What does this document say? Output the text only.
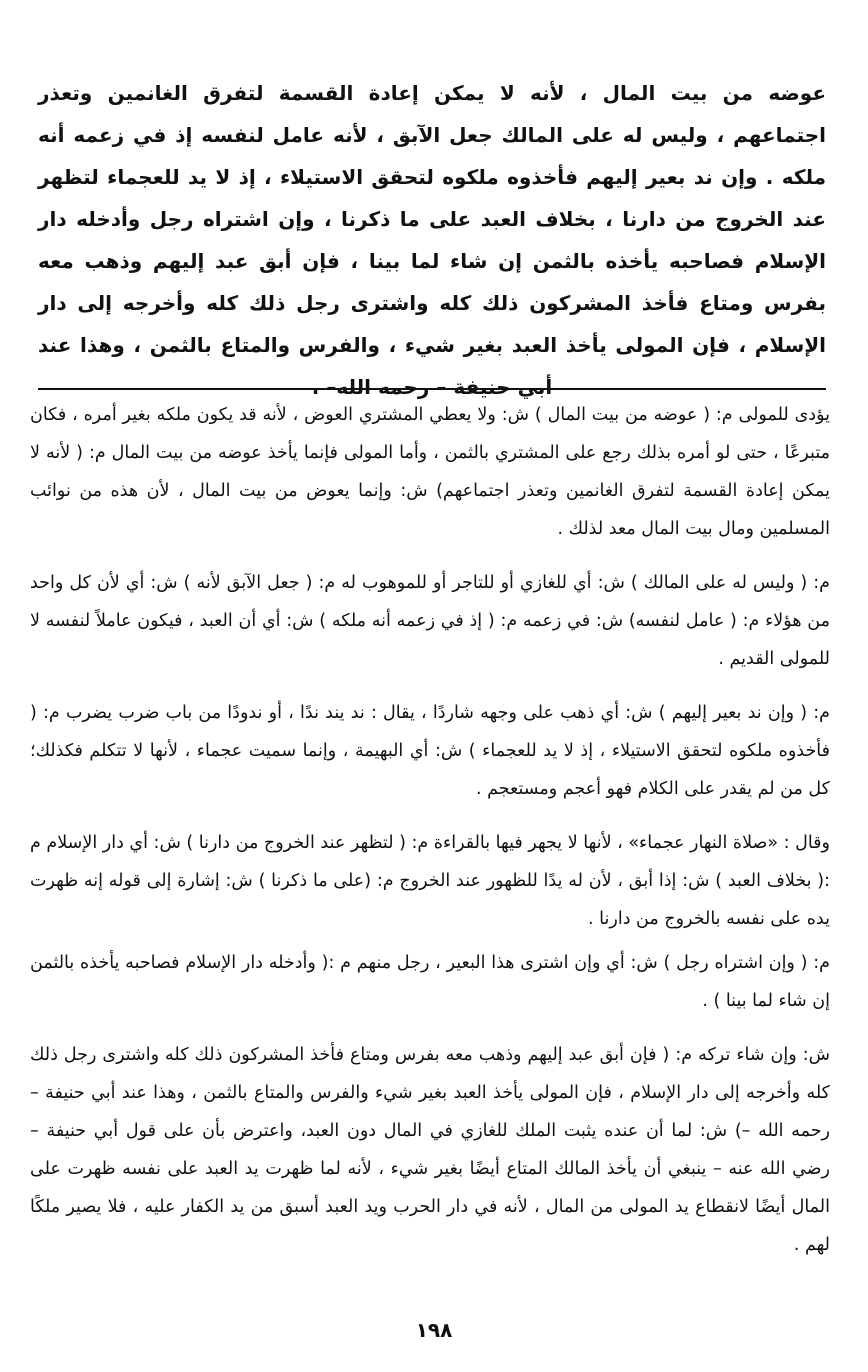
عوضه من بيت المال ، لأنه لا يمكن إعادة القسمة لتفرق الغانمين وتعذر اجتماعهم ، وليس له على المالك جعل الآبق ، لأنه عامل لنفسه إذ في زعمه أنه ملكه . وإن ند بعير إليهم فأخذوه ملكوه لتحقق الاستيلاء ، إذ لا يد للعجماء لتظهر عند الخروج من دارنا ، بخلاف العبد على ما ذكرنا ، وإن اشتراه رجل وأدخله دار الإسلام فصاحبه يأخذه بالثمن إن شاء لما بينا ، فإن أبق عبد إليهم وذهب معه بفرس ومتاع فأخذ المشركون ذلك كله واشترى رجل ذلك كله وأخرجه إلى دار الإسلام ، فإن المولى يأخذ العبد بغير شيء ، والفرس والمتاع بالثمن ، وهذا عند أبي حنيفة – رحمه الله– .

يؤدى للمولى م: ( عوضه من بيت المال ) ش: ولا يعطي المشتري العوض ، لأنه قد يكون ملكه بغير أمره ، فكان متبرعًا ، حتى لو أمره بذلك رجع على المشتري بالثمن ، وأما المولى فإنما يأخذ عوضه من بيت المال م: ( لأنه لا يمكن إعادة القسمة لتفرق الغانمين وتعذر اجتماعهم) ش: وإنما يعوض من بيت المال ، لأن هذه من نوائب المسلمين ومال بيت المال معد لذلك .

م: ( وليس له على المالك ) ش: أي للغازي أو للتاجر أو للموهوب له م: ( جعل الآبق لأنه ) ش: أي لأن كل واحد من هؤلاء م: ( عامل لنفسه) ش: في زعمه م: ( إذ في زعمه أنه ملكه ) ش: أي أن العبد ، فيكون عاملاً لنفسه لا للمولى القديم .

م: ( وإن ند بعير إليهم ) ش: أي ذهب على وجهه شاردًا ، يقال : ند يند ندًا ، أو ندودًا من باب ضرب يضرب م: ( فأخذوه ملكوه لتحقق الاستيلاء ، إذ لا يد للعجماء ) ش: أي البهيمة ، وإنما سميت عجماء ، لأنها لا تتكلم فكذلك؛ كل من لم يقدر على الكلام فهو أعجم ومستعجم .

وقال : «صلاة النهار عجماء» ، لأنها لا يجهر فيها بالقراءة م: ( لتظهر عند الخروج من دارنا ) ش: أي دار الإسلام م :( بخلاف العبد ) ش: إذا أبق ، لأن له يدًا للظهور عند الخروج م: (على ما ذكرنا ) ش: إشارة إلى قوله إنه ظهرت يده على نفسه بالخروج من دارنا .

م: ( وإن اشتراه رجل ) ش: أي وإن اشترى هذا البعير ، رجل منهم م :( وأدخله دار الإسلام فصاحبه يأخذه بالثمن إن شاء لما بينا ) .

ش: وإن شاء تركه م: ( فإن أبق عبد إليهم وذهب معه بفرس ومتاع فأخذ المشركون ذلك كله واشترى رجل ذلك كله وأخرجه إلى دار الإسلام ، فإن المولى يأخذ العبد بغير شيء والفرس والمتاع بالثمن ، وهذا عند أبي حنيفة –رحمه الله –) ش: لما أن عنده يثبت الملك للغازي في المال دون العبد، واعترض بأن على قول أبي حنيفة – رضي الله عنه – ينبغي أن يأخذ المالك المتاع أيضًا بغير شيء ، لأنه لما ظهرت يد العبد على نفسه ظهرت على المال أيضًا لانقطاع يد المولى من المال ، لأنه في دار الحرب ويد العبد أسبق من يد الكفار عليه ، فلا يصير ملكًا لهم .

١٩٨
